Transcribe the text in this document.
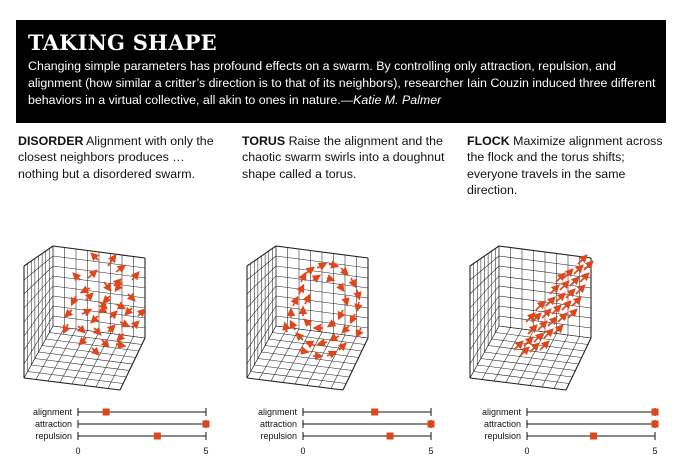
TAKING SHAPE
Changing simple parameters has profound effects on a swarm. By controlling only attraction, repulsion, and alignment (how similar a critter’s direction is to that of its neighbors), researcher Iain Couzin induced three different behaviors in a virtual collective, all akin to ones in nature.—Katie M. Palmer
DISORDER Alignment with only the closest neighbors produces … nothing but a disordered swarm.
alignment
attraction
repulsion
0	5
TORUS Raise the alignment and the chaotic swarm swirls into a doughnut shape called a torus.
alignment
attraction
repulsion
0	5
FLOCK Maximize alignment across the flock and the torus shifts; everyone travels in the same direction.
alignment
attraction
repulsion
0	5
